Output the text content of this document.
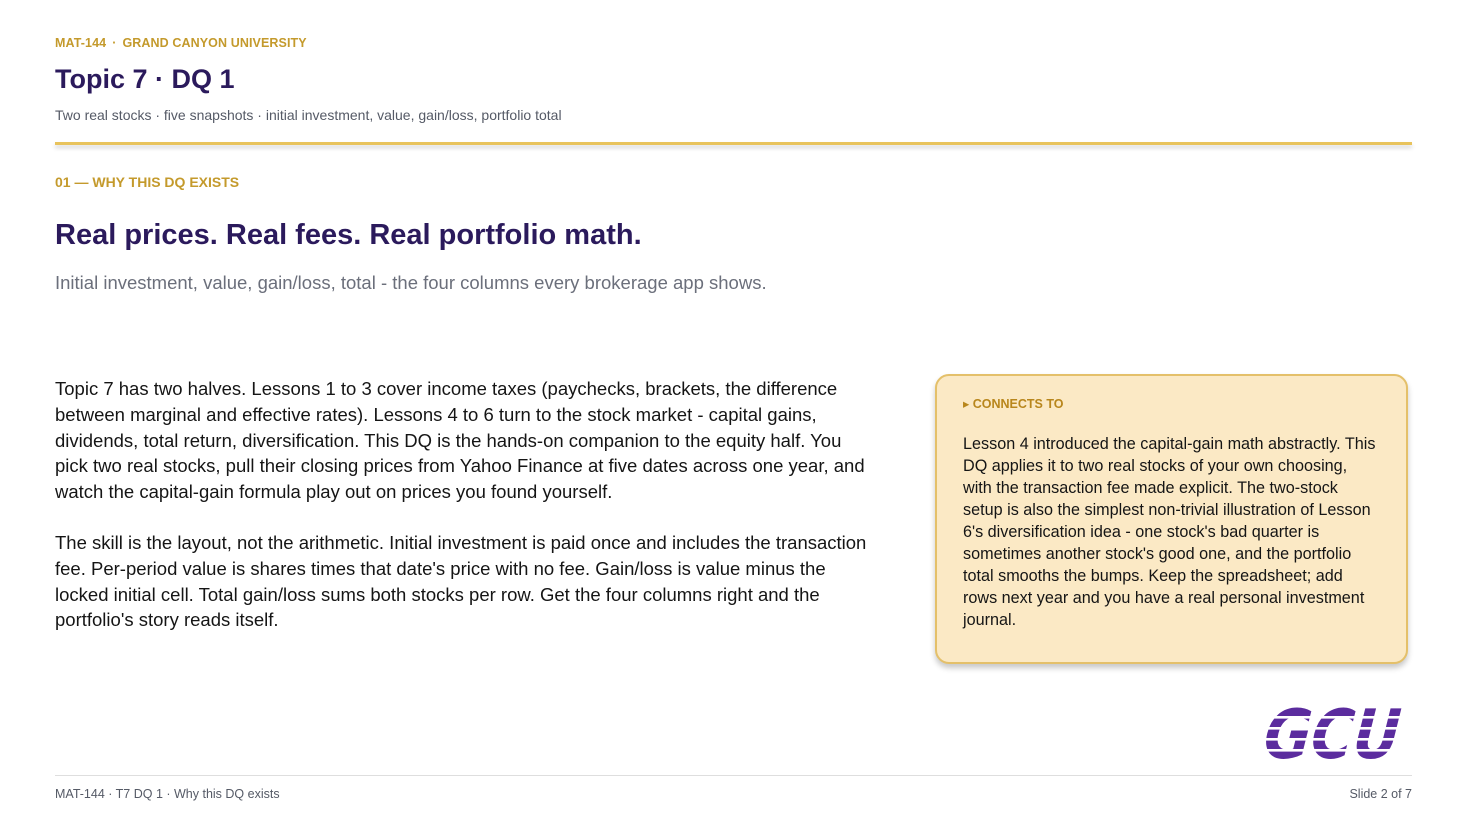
MAT-144 · GRAND CANYON UNIVERSITY
Topic 7 · DQ 1
Two real stocks · five snapshots · initial investment, value, gain/loss, portfolio total
01 — WHY THIS DQ EXISTS
Real prices. Real fees. Real portfolio math.
Initial investment, value, gain/loss, total - the four columns every brokerage app shows.

Topic 7 has two halves. Lessons 1 to 3 cover income taxes (paychecks, brackets, the difference between marginal and effective rates). Lessons 4 to 6 turn to the stock market - capital gains, dividends, total return, diversification. This DQ is the hands-on companion to the equity half. You pick two real stocks, pull their closing prices from Yahoo Finance at five dates across one year, and watch the capital-gain formula play out on prices you found yourself.

The skill is the layout, not the arithmetic. Initial investment is paid once and includes the transaction fee. Per-period value is shares times that date's price with no fee. Gain/loss is value minus the locked initial cell. Total gain/loss sums both stocks per row. Get the four columns right and the portfolio's story reads itself.

▸ CONNECTS TO
Lesson 4 introduced the capital-gain math abstractly. This DQ applies it to two real stocks of your own choosing, with the transaction fee made explicit. The two-stock setup is also the simplest non-trivial illustration of Lesson 6's diversification idea - one stock's bad quarter is sometimes another stock's good one, and the portfolio total smooths the bumps. Keep the spreadsheet; add rows next year and you have a real personal investment journal.
GCU
MAT-144 · T7 DQ 1 · Why this DQ exists	Slide 2 of 7
